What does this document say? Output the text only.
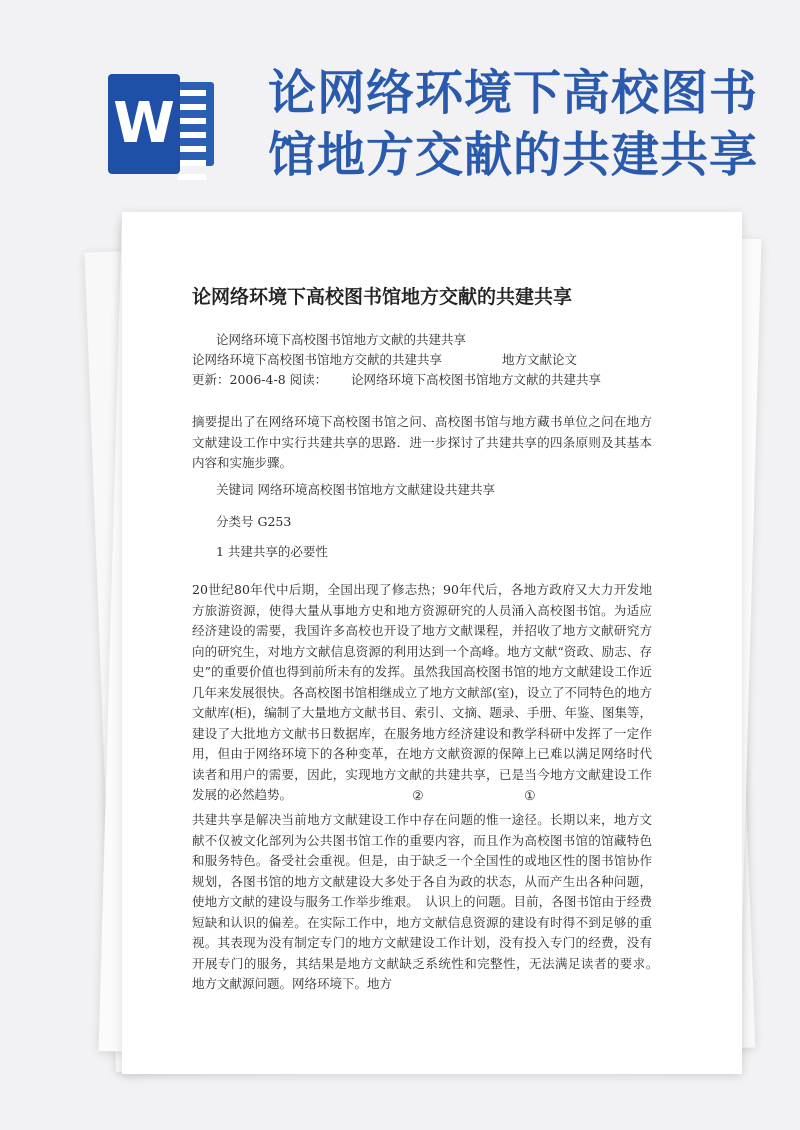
W 论网络环境下高校图书馆地方交献的共建共享
论网络环境下高校图书馆地方交献的共建共享
论网络环境下高校图书馆地方文献的共建共享
论网络环境下高校图书馆地方交献的共建共享	地方文献论文
更新：2006-4-8 阅读： 论网络环境下高校图书馆地方文献的共建共享

摘要提出了在网络环境下高校图书馆之问、高校图书馆与地方藏书单位之问在地方文献建设工作中实行共建共享的思路．进一步探讨了共建共享的四条原则及其基本内容和实施步骤。

关键词 网络环境高校图书馆地方文献建设共建共享
分类号 G253
1 共建共享的必要性

20世纪80年代中后期，全国出现了修志热；90年代后，各地方政府又大力开发地方旅游资源，使得大量从事地方史和地方资源研究的人员涌入高校图书馆。为适应经济建设的需要，我国许多高校也开设了地方文献课程，并招收了地方文献研究方向的研究生，对地方文献信息资源的利用达到一个高峰。地方文献“资政、励志、存史”的重要价值也得到前所未有的发挥。虽然我国高校图书馆的地方文献建设工作近几年来发展很快。各高校图书馆相继成立了地方文献部(室)，设立了不同特色的地方文献库(柜)，编制了大量地方文献书目、索引、文摘、题录、手册、年鉴、图集等，建设了大批地方文献书日数据库，在服务地方经济建设和教学科研中发挥了一定作用，但由于网络环境下的各种变革，在地方文献资源的保障上已难以满足网络时代读者和用户的需要，因此，实现地方文献的共建共享，已是当今地方文献建设工作发展的必然趋势。	②	①

共建共享是解决当前地方文献建设工作中存在问题的惟一途径。长期以来，地方文献不仅被文化部列为公共图书馆工作的重要内容，而且作为高校图书馆的馆藏特色和服务特色。备受社会重视。但是，由于缺乏一个全国性的或地区性的图书馆协作规划，各图书馆的地方文献建设大多处于各自为政的状态，从而产生出各种问题，使地方文献的建设与服务工作举步维艰。　认识上的问题。目前，各图书馆由于经费短缺和认识的偏差。在实际工作中，地方文献信息资源的建设有时得不到足够的重视。其表现为没有制定专门的地方文献建设工作计划，没有投入专门的经费，没有开展专门的服务，其结果是地方文献缺乏系统性和完整性，无法满足读者的要求。　地方文献源问题。网络环境下。地方
